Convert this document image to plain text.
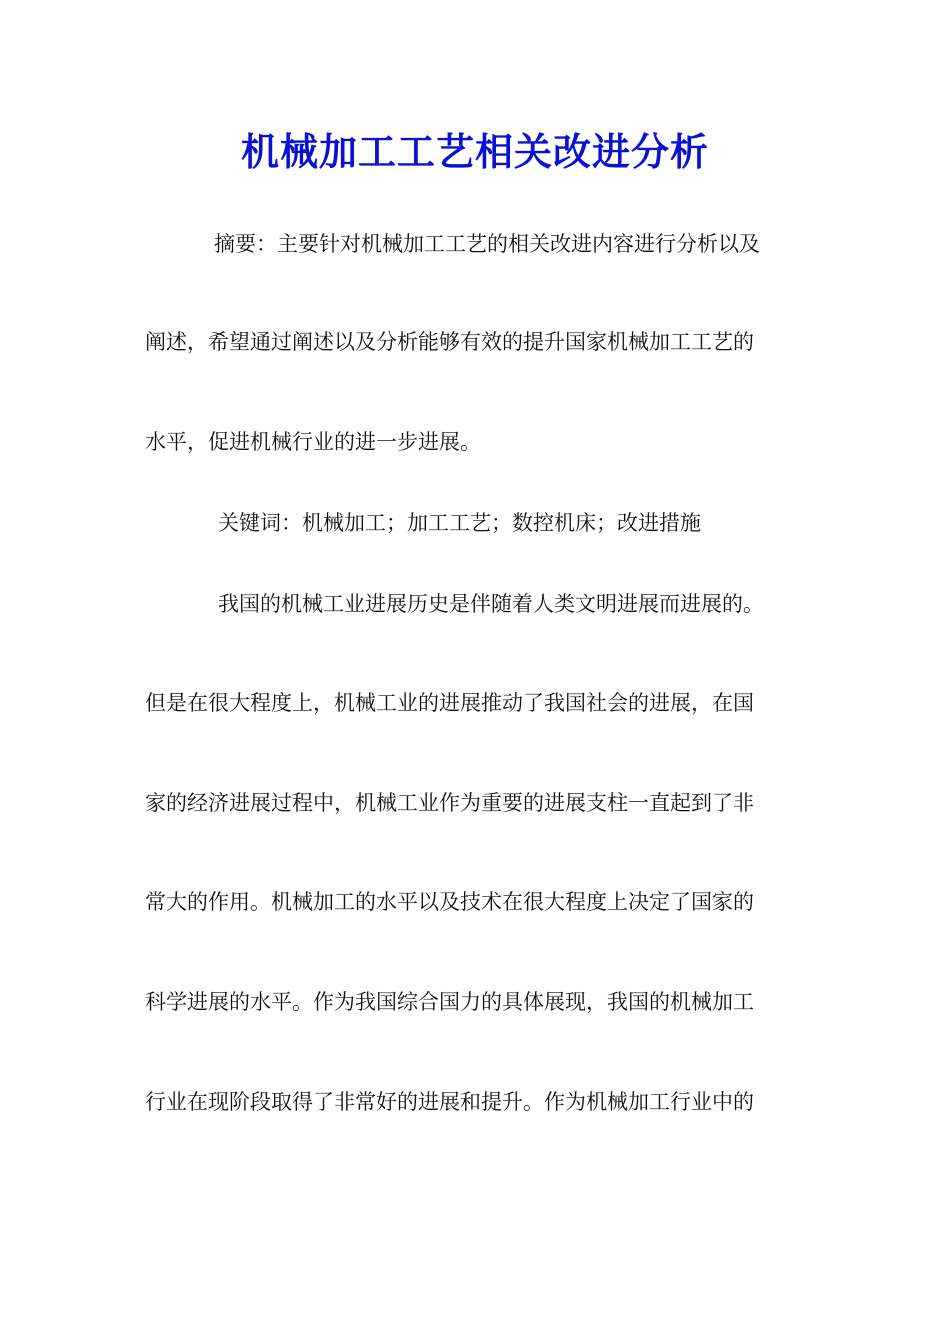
机械加工工艺相关改进分析
摘要：主要针对机械加工工艺的相关改进内容进行分析以及
阐述，希望通过阐述以及分析能够有效的提升国家机械加工工艺的
水平，促进机械行业的进一步进展。
关键词：机械加工；加工工艺；数控机床；改进措施
我国的机械工业进展历史是伴随着人类文明进展而进展的。
但是在很大程度上，机械工业的进展推动了我国社会的进展，在国
家的经济进展过程中，机械工业作为重要的进展支柱一直起到了非
常大的作用。机械加工的水平以及技术在很大程度上决定了国家的
科学进展的水平。作为我国综合国力的具体展现，我国的机械加工
行业在现阶段取得了非常好的进展和提升。作为机械加工行业中的
